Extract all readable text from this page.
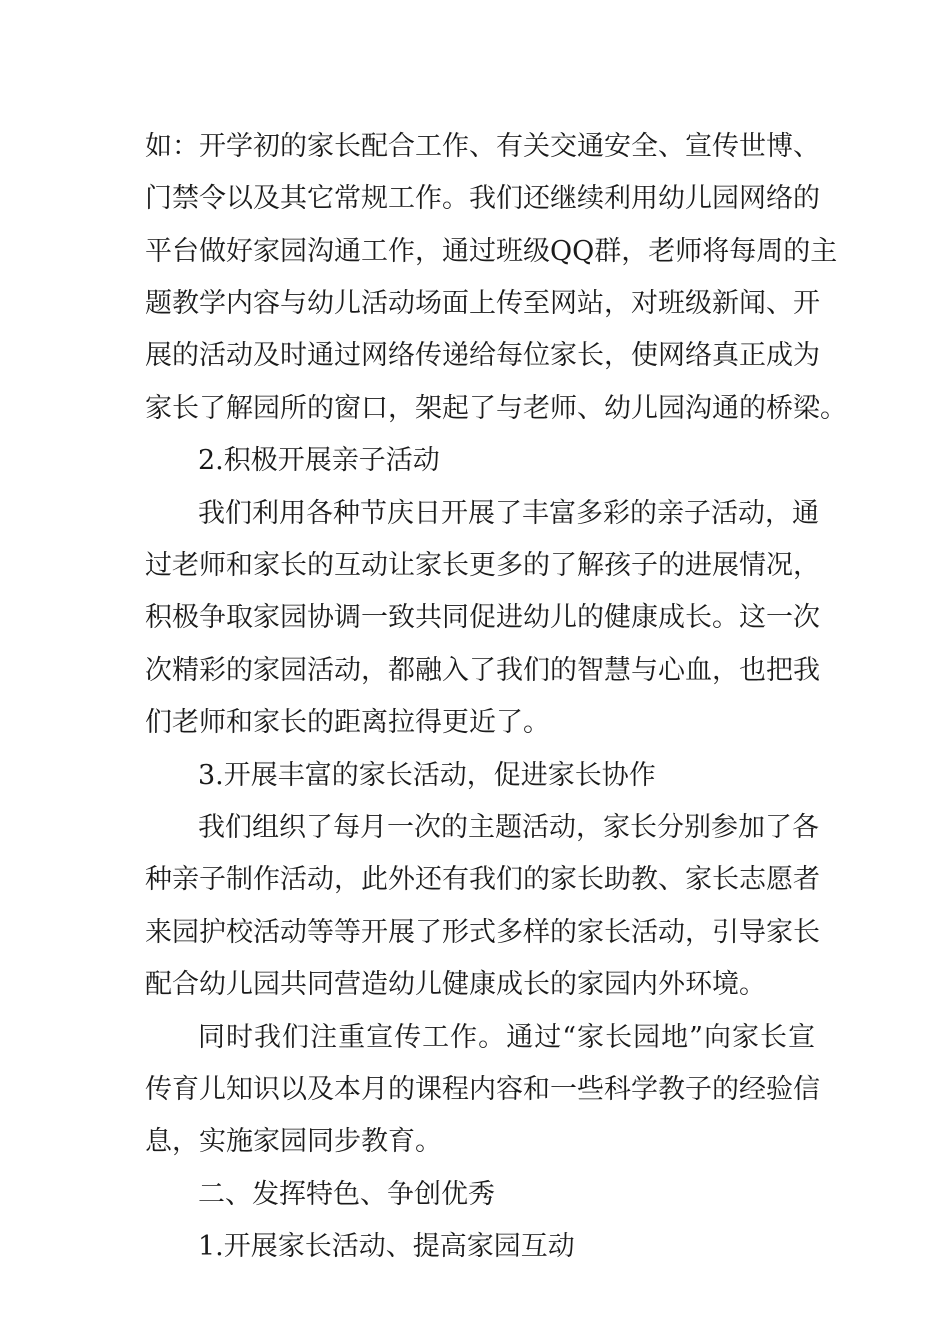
如：开学初的家长配合工作、有关交通安全、宣传世博、
门禁令以及其它常规工作。我们还继续利用幼儿园网络的
平台做好家园沟通工作，通过班级QQ群，老师将每周的主
题教学内容与幼儿活动场面上传至网站，对班级新闻、开
展的活动及时通过网络传递给每位家长，使网络真正成为
家长了解园所的窗口，架起了与老师、幼儿园沟通的桥梁。
2.积极开展亲子活动
我们利用各种节庆日开展了丰富多彩的亲子活动，通
过老师和家长的互动让家长更多的了解孩子的进展情况，
积极争取家园协调一致共同促进幼儿的健康成长。这一次
次精彩的家园活动，都融入了我们的智慧与心血，也把我
们老师和家长的距离拉得更近了。
3.开展丰富的家长活动，促进家长协作
我们组织了每月一次的主题活动，家长分别参加了各
种亲子制作活动，此外还有我们的家长助教、家长志愿者
来园护校活动等等开展了形式多样的家长活动，引导家长
配合幼儿园共同营造幼儿健康成长的家园内外环境。
同时我们注重宣传工作。通过“家长园地”向家长宣
传育儿知识以及本月的课程内容和一些科学教子的经验信
息，实施家园同步教育。
二、发挥特色、争创优秀
1.开展家长活动、提高家园互动
